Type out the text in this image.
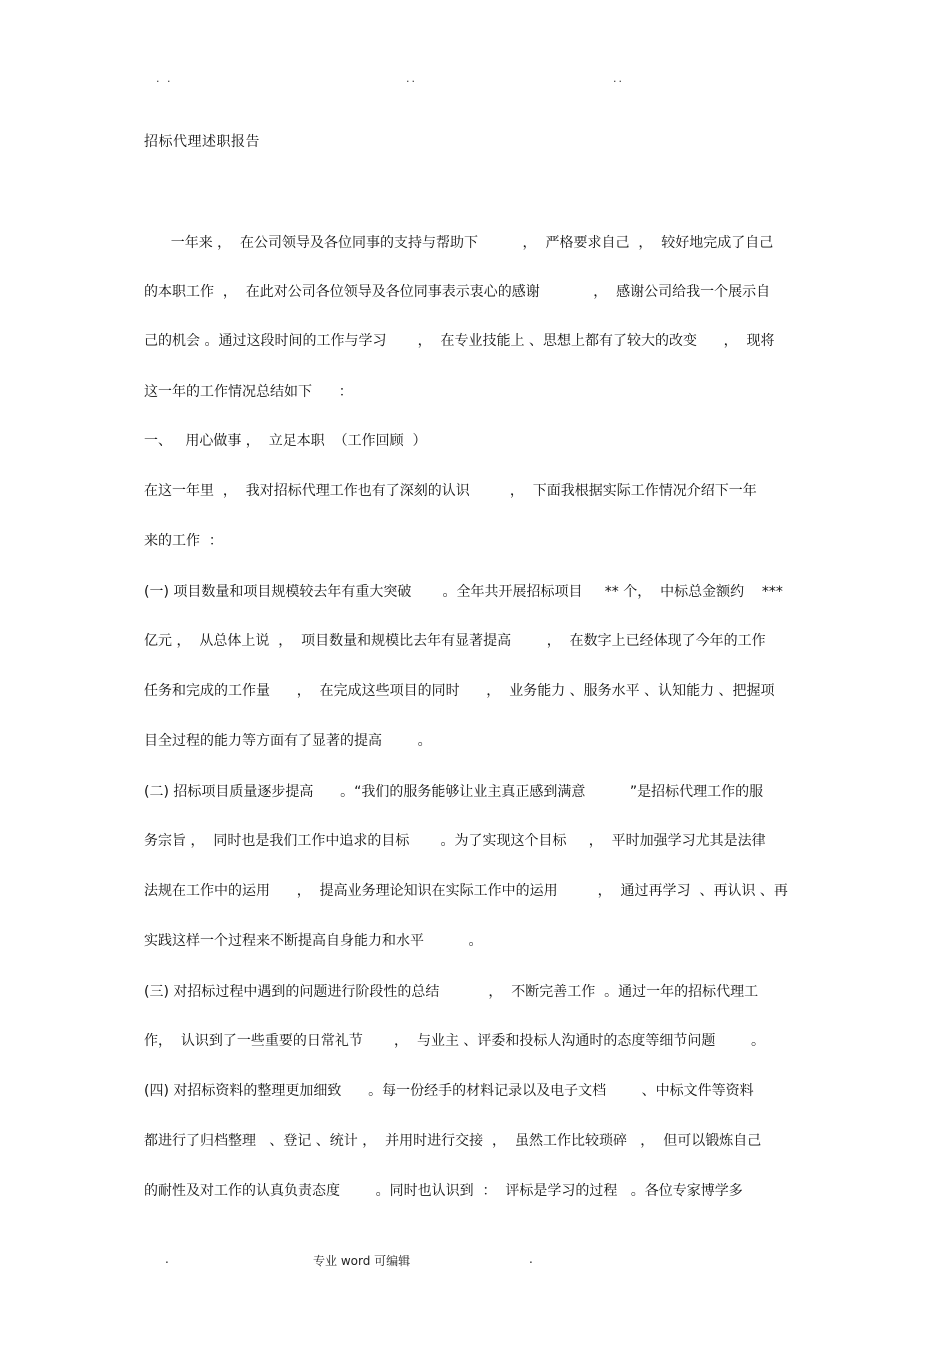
. .	..	..
招标代理述职报告
一年来 ，  在公司领导及各位同事的支持与帮助下          ，  严格要求自己  ，  较好地完成了自己
的本职工作  ，  在此对公司各位领导及各位同事表示衷心的感谢            ，  感谢公司给我一个展示自
己的机会 。通过这段时间的工作与学习       ，  在专业技能上 、思想上都有了较大的改变      ，  现将
这一年的工作情况总结如下      ：
一、   用心做事 ，  立足本职  （工作回顾  ）
在这一年里  ，  我对招标代理工作也有了深刻的认识         ，  下面我根据实际工作情况介绍下一年
来的工作  ：
(一) 项目数量和项目规模较去年有重大突破       。全年共开展招标项目     ** 个，  中标总金额约    ***
亿元 ，  从总体上说  ，  项目数量和规模比去年有显著提高        ，  在数字上已经体现了今年的工作
任务和完成的工作量      ，  在完成这些项目的同时      ，  业务能力 、服务水平 、认知能力 、把握项
目全过程的能力等方面有了显著的提高        。
(二) 招标项目质量逐步提高      。“我们的服务能够让业主真正感到满意          ”是招标代理工作的服
务宗旨 ，  同时也是我们工作中追求的目标       。为了实现这个目标     ，  平时加强学习尤其是法律
法规在工作中的运用      ，  提高业务理论知识在实际工作中的运用         ，  通过再学习  、再认识 、再
实践这样一个过程来不断提高自身能力和水平          。
(三) 对招标过程中遇到的问题进行阶段性的总结           ，  不断完善工作  。通过一年的招标代理工
作，  认识到了一些重要的日常礼节       ，  与业主 、评委和投标人沟通时的态度等细节问题        。
(四) 对招标资料的整理更加细致      。每一份经手的材料记录以及电子文档        、中标文件等资料
都进行了归档整理   、登记 、统计 ，  并用时进行交接  ，  虽然工作比较琐碎   ，  但可以锻炼自己
的耐性及对工作的认真负责态度        。同时也认识到  ：  评标是学习的过程   。各位专家博学多
.	专业 word 可编辑	.
